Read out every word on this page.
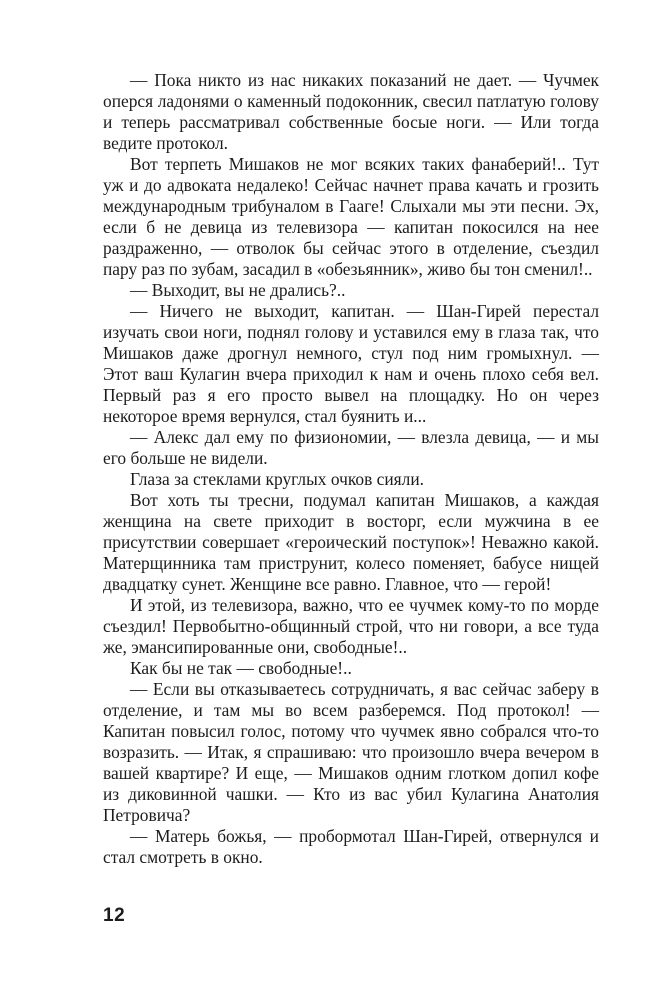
— Пока никто из нас никаких показаний не дает. — Чучмек оперся ладонями о каменный подоконник, свесил патлатую голову и теперь рассматривал собственные босые ноги. — Или тогда ведите протокол.

Вот терпеть Мишаков не мог всяких таких фанаберий!.. Тут уж и до адвоката недалеко! Сейчас начнет права качать и грозить международным трибуналом в Гааге! Слыхали мы эти песни. Эх, если б не девица из телевизора — капитан покосился на нее раздраженно, — отволок бы сейчас этого в отделение, съездил пару раз по зубам, засадил в «обезьянник», живо бы тон сменил!..

— Выходит, вы не дрались?..

— Ничего не выходит, капитан. — Шан-Гирей перестал изучать свои ноги, поднял голову и уставился ему в глаза так, что Мишаков даже дрогнул немного, стул под ним громыхнул. — Этот ваш Кулагин вчера приходил к нам и очень плохо себя вел. Первый раз я его просто вывел на площадку. Но он через некоторое время вернулся, стал буянить и...

— Алекс дал ему по физиономии, — влезла девица, — и мы его больше не видели.

Глаза за стеклами круглых очков сияли.

Вот хоть ты тресни, подумал капитан Мишаков, а каждая женщина на свете приходит в восторг, если мужчина в ее присутствии совершает «героический поступок»! Неважно какой. Матерщинника там приструнит, колесо поменяет, бабусе нищей двадцатку сунет. Женщине все равно. Главное, что — герой!

И этой, из телевизора, важно, что ее чучмек кому-то по морде съездил! Первобытно-общинный строй, что ни говори, а все туда же, эмансипированные они, свободные!..

Как бы не так — свободные!..

— Если вы отказываетесь сотрудничать, я вас сейчас заберу в отделение, и там мы во всем разберемся. Под протокол! — Капитан повысил голос, потому что чучмек явно собрался что-то возразить. — Итак, я спрашиваю: что произошло вчера вечером в вашей квартире? И еще, — Мишаков одним глотком допил кофе из диковинной чашки. — Кто из вас убил Кулагина Анатолия Петровича?

— Матерь божья, — пробормотал Шан-Гирей, отвернулся и стал смотреть в окно.

12
